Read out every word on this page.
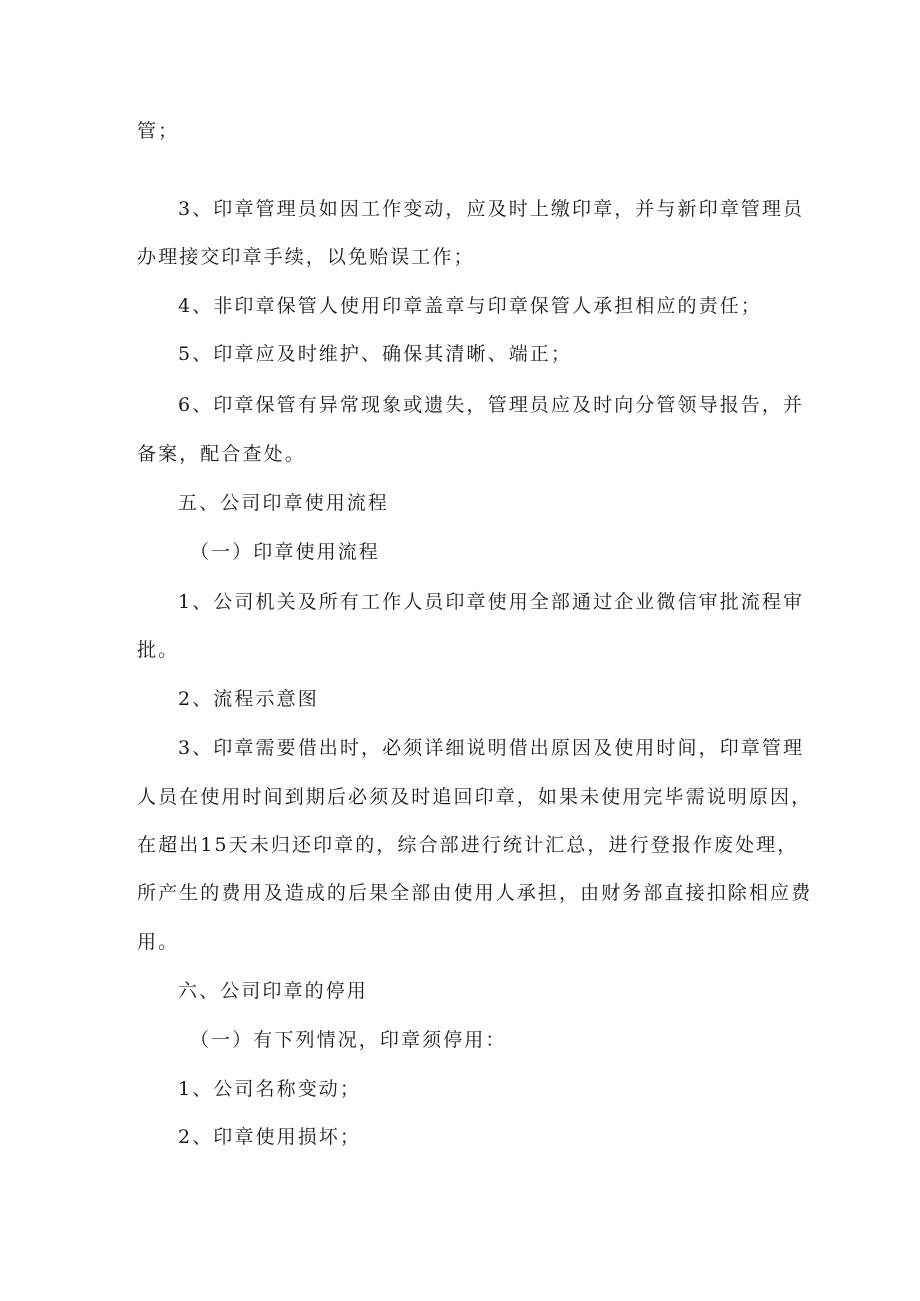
管；
3、印章管理员如因工作变动，应及时上缴印章，并与新印章管理员
办理接交印章手续，以免贻误工作；
4、非印章保管人使用印章盖章与印章保管人承担相应的责任；
5、印章应及时维护、确保其清晰、端正；
6、印章保管有异常现象或遗失，管理员应及时向分管领导报告，并
备案，配合查处。
五、公司印章使用流程
（一）印章使用流程
1、公司机关及所有工作人员印章使用全部通过企业微信审批流程审
批。
2、流程示意图
3、印章需要借出时，必须详细说明借出原因及使用时间，印章管理
人员在使用时间到期后必须及时追回印章，如果未使用完毕需说明原因，
在超出15天未归还印章的，综合部进行统计汇总，进行登报作废处理，
所产生的费用及造成的后果全部由使用人承担，由财务部直接扣除相应费
用。
六、公司印章的停用
（一）有下列情况，印章须停用：
1、公司名称变动；
2、印章使用损坏；
